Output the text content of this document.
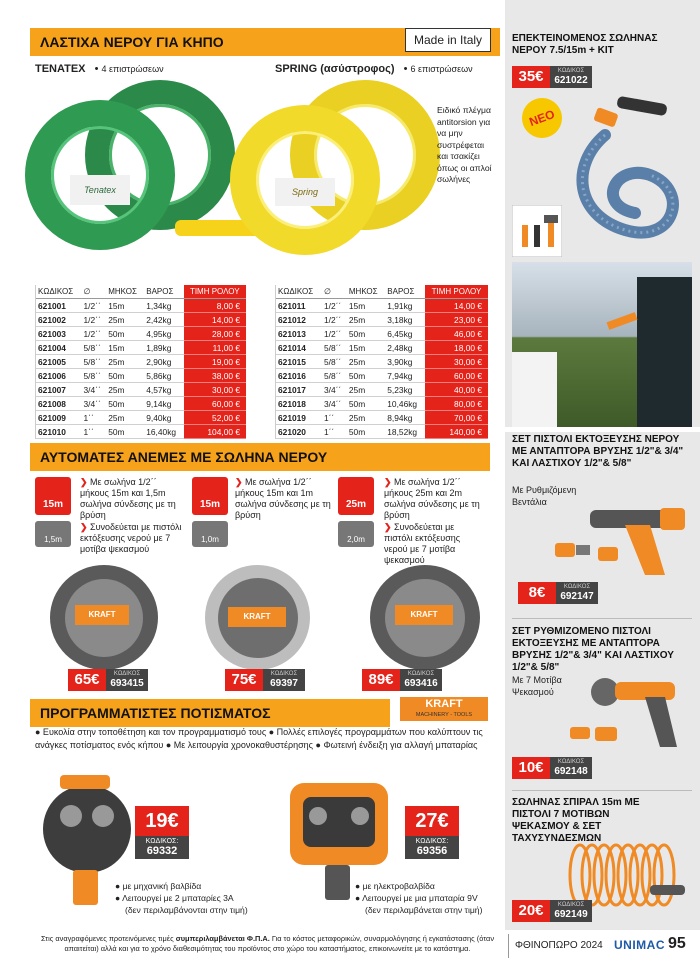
ΕΠΕΚΤΕΙΝΟΜΕΝΟΣ ΣΩΛΗΝΑΣ ΝΕΡΟΥ 7.5/15m + KIT
35€	ΚΩΔΙΚΟΣ
621022
ΝΕΟ
ΣΕΤ ΠΙΣΤΟΛΙ ΕΚΤΟΞΕΥΣΗΣ ΝΕΡΟΥ ΜΕ ΑΝΤΑΠΤΟΡΑ ΒΡΥΣΗΣ 1/2"& 3/4" ΚΑΙ ΛΑΣΤΙΧΟΥ 1/2"& 5/8"
Με Ρυθμιζόμενη Βεντάλια
8€	ΚΩΔΙΚΟΣ
692147
ΣΕΤ ΡΥΘΜΙΖΟΜΕΝΟ ΠΙΣΤΟΛΙ ΕΚΤΟΞΕΥΣΗΣ ΜΕ ΑΝΤΑΠΤΟΡΑ ΒΡΥΣΗΣ 1/2"& 3/4" ΚΑΙ ΛΑΣΤΙΧΟΥ 1/2"& 5/8"
Με 7 Μοτίβα Ψεκασμού
10€	ΚΩΔΙΚΟΣ
692148
ΣΩΛΗΝΑΣ ΣΠΙΡΑΛ 15m ΜΕ ΠΙΣΤΟΛΙ 7 ΜΟΤΙΒΩΝ ΨΕΚΑΣΜΟΥ & ΣΕΤ ΤΑΧΥΣΥΝΔΕΣΜΩΝ
20€	ΚΩΔΙΚΟΣ
692149
ΛΑΣΤΙΧΑ ΝΕΡΟΥ ΓΙΑ ΚΗΠΟ	Made in Italy
TENATEX • 4 επιστρώσεων	SPRING (ασύστροφος) • 6 επιστρώσεων
Tenatex	Spring
Ειδικό πλέγμα antitorsion για να μην συστρέφεται και τσακίζει όπως οι απλοί σωλήνες
ΚΩΔΙΚΟΣ	∅	ΜΗΚΟΣ	ΒΑΡΟΣ	ΤΙΜΗ ΡΟΛΟΥ
621001	1/2΄΄	15m	1,34kg	8,00 €
621002	1/2΄΄	25m	2,42kg	14,00 €
621003	1/2΄΄	50m	4,95kg	28,00 €
621004	5/8΄΄	15m	1,89kg	11,00 €
621005	5/8΄΄	25m	2,90kg	19,00 €
621006	5/8΄΄	50m	5,86kg	38,00 €
621007	3/4΄΄	25m	4,57kg	30,00 €
621008	3/4΄΄	50m	9,14kg	60,00 €
621009	1΄΄	25m	9,40kg	52,00 €
621010	1΄΄	50m	16,40kg	104,00 €
ΚΩΔΙΚΟΣ	∅	ΜΗΚΟΣ	ΒΑΡΟΣ	ΤΙΜΗ ΡΟΛΟΥ
621011	1/2΄΄	15m	1,91kg	14,00 €
621012	1/2΄΄	25m	3,18kg	23,00 €
621013	1/2΄΄	50m	6,45kg	46,00 €
621014	5/8΄΄	15m	2,48kg	18,00 €
621015	5/8΄΄	25m	3,90kg	30,00 €
621016	5/8΄΄	50m	7,94kg	60,00 €
621017	3/4΄΄	25m	5,23kg	40,00 €
621018	3/4΄΄	50m	10,46kg	80,00 €
621019	1΄΄	25m	8,94kg	70,00 €
621020	1΄΄	50m	18,52kg	140,00 €
ΑΥΤΟΜΑΤΕΣ ΑΝΕΜΕΣ ΜΕ ΣΩΛΗΝΑ ΝΕΡΟΥ
15m
1,5m
❯ Με σωλήνα 1/2΄΄ μήκους 15m και 1,5m σωλήνα σύνδεσης με τη βρύση
❯ Συνοδεύεται με πιστόλι εκτόξευσης νερού με 7 μοτίβα ψεκασμού
15m
1,0m
❯ Με σωλήνα 1/2΄΄ μήκους 15m και 1m σωλήνα σύνδεσης με τη βρύση
25m
2,0m
❯ Με σωλήνα 1/2΄΄ μήκους 25m και 2m σωλήνα σύνδεσης με τη βρύση
❯ Συνοδεύεται με πιστόλι εκτόξευσης νερού με 7 μοτίβα ψεκασμού
KRAFT	KRAFT	KRAFT
65€	ΚΩΔΙΚΟΣ
693415	75€	ΚΩΔΙΚΟΣ
69397	89€	ΚΩΔΙΚΟΣ
693416
ΠΡΟΓΡΑΜΜΑΤΙΣΤΕΣ ΠΟΤΙΣΜΑΤΟΣ
KRAFT
MACHINERY - TOOLS
● Ευκολία στην τοποθέτηση και τον προγραμματισμό τους ● Πολλές επιλογές προγραμμάτων που καλύπτουν τις ανάγκες ποτίσματος ενός κήπου ● Με λειτουργία χρονοκαθυστέρησης ● Φωτεινή ένδειξη για αλλαγή μπαταρίας
19€
ΚΩΔΙΚΟΣ:
69332
● με μηχανική βαλβίδα
● Λειτουργεί με 2 μπαταρίες 3A
(δεν περιλαμβάνονται στην τιμή)
27€
ΚΩΔΙΚΟΣ:
69356
● με ηλεκτροβαλβίδα
● Λειτουργεί με μια μπαταρία 9V
(δεν περιλαμβάνεται στην τιμή)
Στις αναγραφόμενες προτεινόμενες τιμές συμπεριλαμβάνεται Φ.Π.Α. Για το κόστος μεταφορικών, συναρμολόγησης ή εγκατάστασης (όταν απαιτείται) αλλά και για το χρόνο διαθεσιμότητας του προϊόντος στο χώρο του καταστήματος, επικοινωνείτε με το κατάστημα.	ΦΘΙΝΟΠΩΡΟ 2024 UNIMAC 95
